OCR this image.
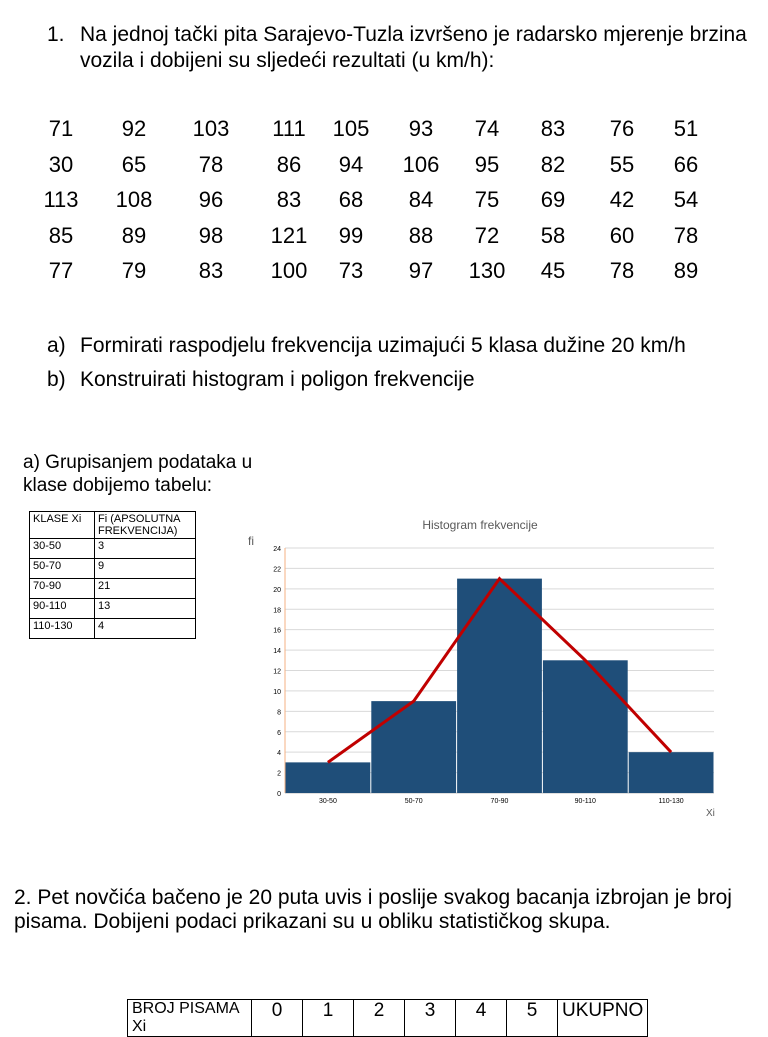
1. Na jednoj tački pita Sarajevo-Tuzla izvršeno je radarsko mjerenje brzina vozila i dobijeni su sljedeći rezultati (u km/h):
71	92	103	111	105	93	74	83	76	51
30	65	78	86	94	106	95	82	55	66
113	108	96	83	68	84	75	69	42	54
85	89	98	121	99	88	72	58	60	78
77	79	83	100	73	97	130	45	78	89
a) Formirati raspodjelu frekvencija uzimajući 5 klasa dužine 20 km/h
b) Konstruirati histogram i poligon frekvencije
a) Grupisanjem podataka u klase dobijemo tabelu:
KLASE Xi	Fi (APSOLUTNA FREKVENCIJA)
30-50	3
50-70	9
70-90	21
90-110	13
110-130	4
Histogram frekvencije
fi
Xi
0
2
4
6
8
10
12
14
16
18
20
22
24
30-50	50-70	70-90	90-110	110-130
2. Pet novčića bačeno je 20 puta uvis i poslije svakog bacanja izbrojan je broj pisama. Dobijeni podaci prikazani su u obliku statističkog skupa.
BROJ PISAMA Xi	0	1	2	3	4	5	UKUPNO
